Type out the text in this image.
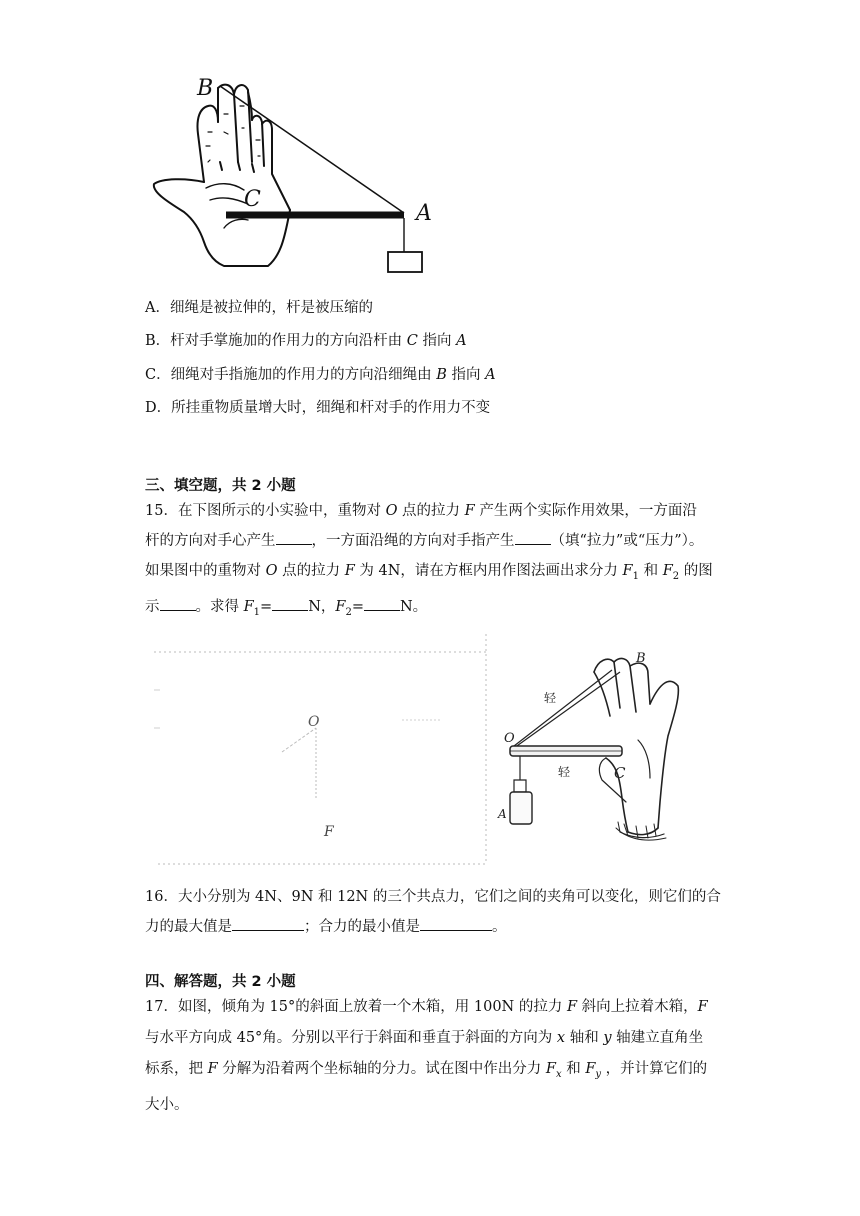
B
C
A
A．细绳是被拉伸的，杆是被压缩的
B．杆对手掌施加的作用力的方向沿杆由 C 指向 A
C．细绳对手指施加的作用力的方向沿细绳由 B 指向 A
D．所挂重物质量增大时，细绳和杆对手的作用力不变
三、填空题，共 2 小题
15．在下图所示的小实验中，重物对 O 点的拉力 F 产生两个实际作用效果，一方面沿
杆的方向对手心产生 ，一方面沿绳的方向对手指产生 （填“拉力”或“压力”）。
如果图中的重物对 O 点的拉力 F 为 4N，请在方框内用作图法画出求分力 $F_1$ 和 $F_2$ 的图
示 。求得 $F_1= N$，$F_2= N$。
O
F
B
轻
O
轻	C
A
16．大小分别为 4N、9N 和 12N 的三个共点力，它们之间的夹角可以变化，则它们的合
力的最大值是	；合力的最小值是	。
四、解答题，共 2 小题
17．如图，倾角为 15°的斜面上放着一个木箱，用 100N 的拉力 F 斜向上拉着木箱，F
与水平方向成 45°角。分别以平行于斜面和垂直于斜面的方向为 x 轴和 y 轴建立直角坐
标系，把 F 分解为沿着两个坐标轴的分力。试在图中作出分力 $F_x$ 和 $F_y$ ，并计算它们的
大小。
